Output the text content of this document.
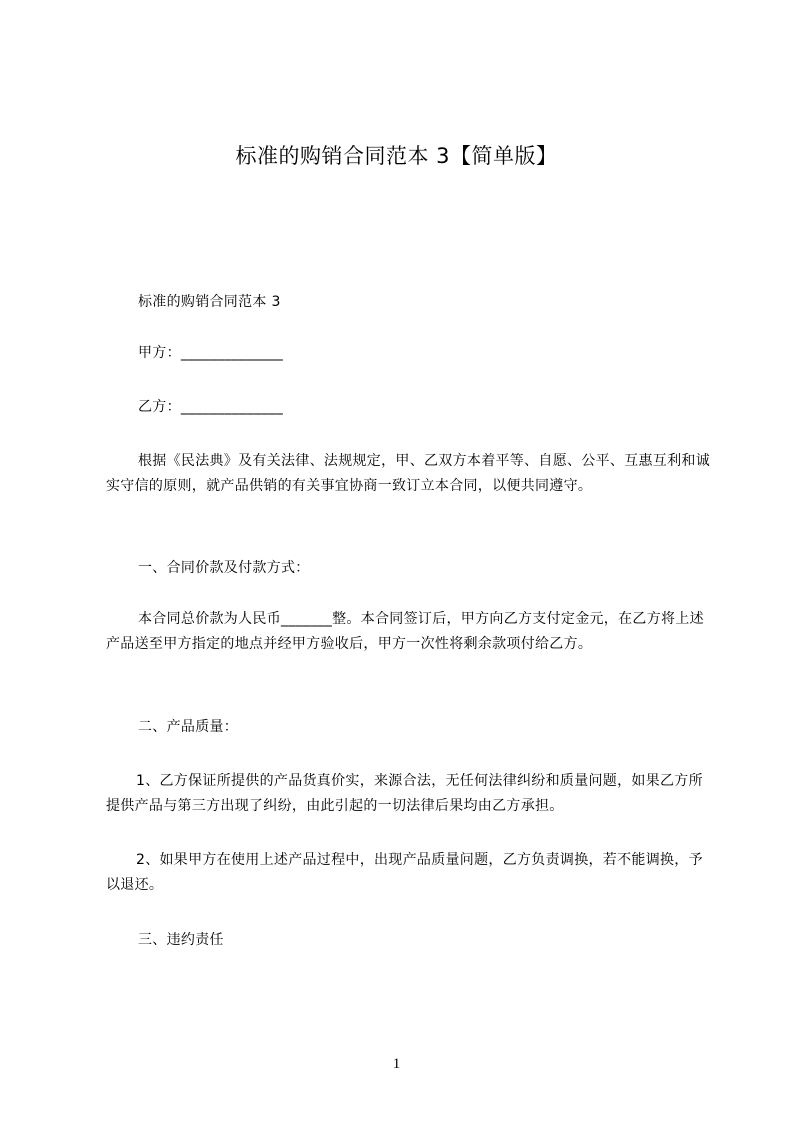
标准的购销合同范本 3【简单版】

标准的购销合同范本 3

甲方：______________

乙方：______________

根据《民法典》及有关法律、法规规定，甲、乙双方本着平等、自愿、公平、互惠互利和诚实守信的原则，就产品供销的有关事宜协商一致订立本合同，以便共同遵守。

一、合同价款及付款方式：

本合同总价款为人民币_______整。本合同签订后，甲方向乙方支付定金元，在乙方将上述产品送至甲方指定的地点并经甲方验收后，甲方一次性将剩余款项付给乙方。

二、产品质量：

1、乙方保证所提供的产品货真价实，来源合法，无任何法律纠纷和质量问题，如果乙方所提供产品与第三方出现了纠纷，由此引起的一切法律后果均由乙方承担。

2、如果甲方在使用上述产品过程中，出现产品质量问题，乙方负责调换，若不能调换，予以退还。

三、违约责任

1
